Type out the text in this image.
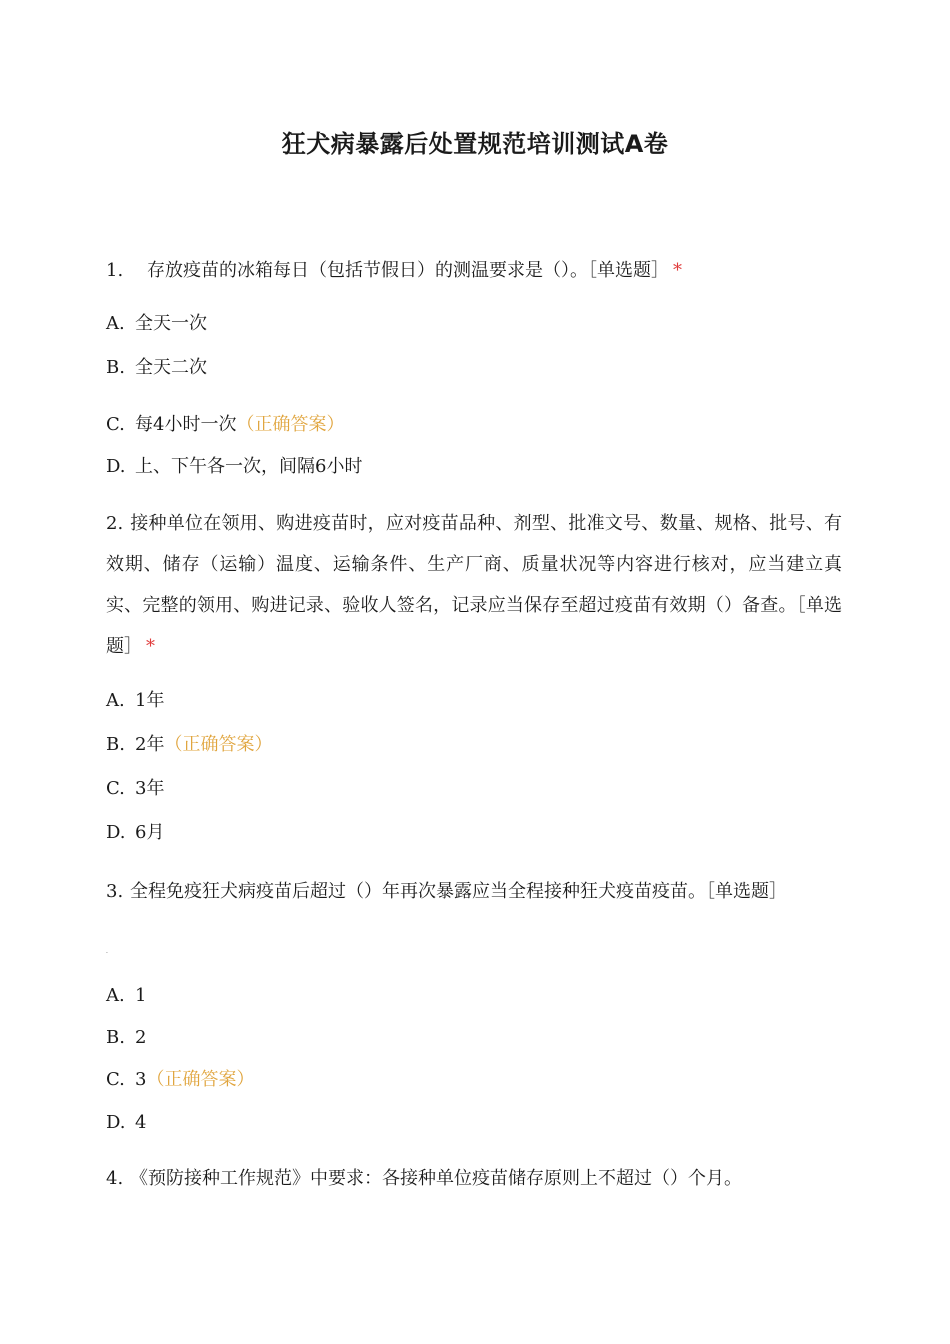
狂犬病暴露后处置规范培训测试A卷
1. 存放疫苗的冰箱每日（包括节假日）的测温要求是（）。［单选题］ *
A. 全天一次
B. 全天二次
C. 每4小时一次（正确答案）
D. 上、下午各一次，间隔6小时
2. 接种单位在领用、购进疫苗时，应对疫苗品种、剂型、批准文号、数量、规格、批号、有效期、储存（运输）温度、运输条件、生产厂商、质量状况等内容进行核对，应当建立真实、完整的领用、购进记录、验收人签名，记录应当保存至超过疫苗有效期（）备查。［单选题］ *
A. 1年
B. 2年（正确答案）
C. 3年
D. 6月
3. 全程免疫狂犬病疫苗后超过（）年再次暴露应当全程接种狂犬疫苗疫苗。［单选题］
.
A. 1
B. 2
C. 3（正确答案）
D. 4
4. 《预防接种工作规范》中要求：各接种单位疫苗储存原则上不超过（）个月。
